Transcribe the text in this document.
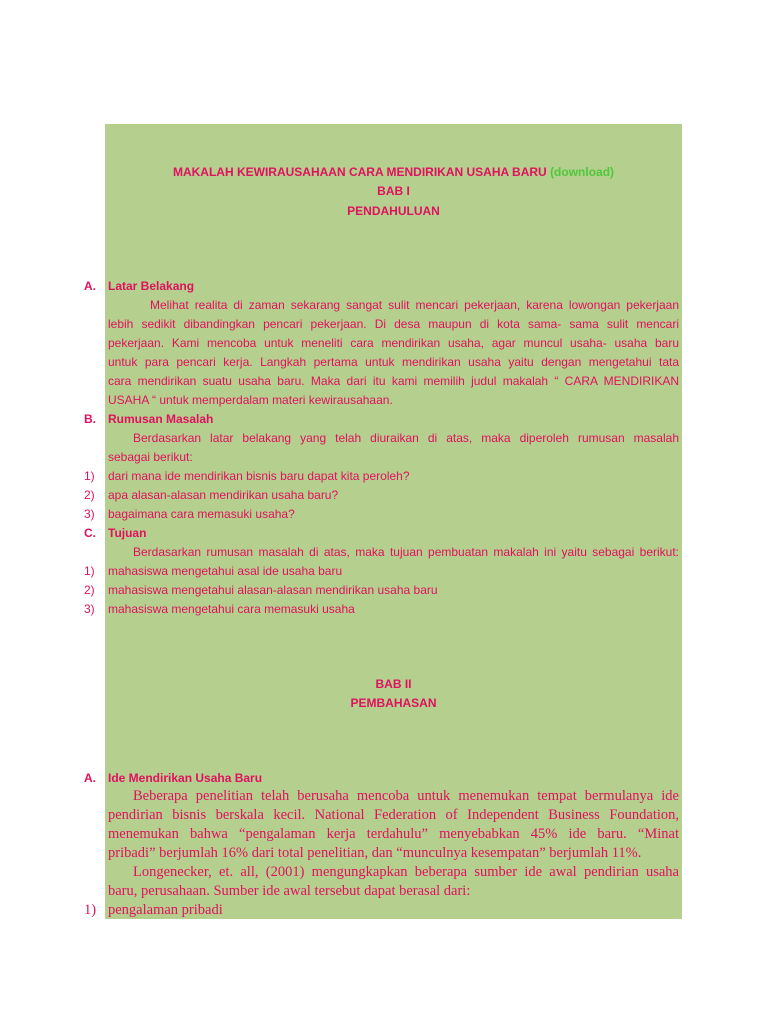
MAKALAH KEWIRAUSAHAAN CARA MENDIRIKAN USAHA BARU (download)
BAB I
PENDAHULUAN
A. Latar Belakang
Melihat realita di zaman sekarang sangat sulit mencari pekerjaan, karena lowongan pekerjaan
lebih sedikit dibandingkan pencari pekerjaan. Di desa maupun di kota sama- sama sulit mencari
pekerjaan. Kami mencoba untuk meneliti cara mendirikan usaha, agar muncul usaha- usaha baru
untuk para pencari kerja. Langkah pertama untuk mendirikan usaha yaitu dengan mengetahui tata
cara mendirikan suatu usaha baru. Maka dari itu kami memilih judul makalah “ CARA MENDIRIKAN
USAHA “ untuk memperdalam materi kewirausahaan.
B. Rumusan Masalah
Berdasarkan latar belakang yang telah diuraikan di atas, maka diperoleh rumusan masalah
sebagai berikut:
1) dari mana ide mendirikan bisnis baru dapat kita peroleh?
2) apa alasan-alasan mendirikan usaha baru?
3) bagaimana cara memasuki usaha?
C. Tujuan
Berdasarkan rumusan masalah di atas, maka tujuan pembuatan makalah ini yaitu sebagai berikut:
1) mahasiswa mengetahui asal ide usaha baru
2) mahasiswa mengetahui alasan-alasan mendirikan usaha baru
3) mahasiswa mengetahui cara memasuki usaha
BAB II
PEMBAHASAN
A. Ide Mendirikan Usaha Baru
Beberapa penelitian telah berusaha mencoba untuk menemukan tempat bermulanya ide
pendirian bisnis berskala kecil. National Federation of Independent Business Foundation,
menemukan bahwa “pengalaman kerja terdahulu” menyebabkan 45% ide baru. “Minat
pribadi” berjumlah 16% dari total penelitian, dan “munculnya kesempatan” berjumlah 11%.
Longenecker, et. all, (2001) mengungkapkan beberapa sumber ide awal pendirian usaha
baru, perusahaan. Sumber ide awal tersebut dapat berasal dari:
1) pengalaman pribadi
